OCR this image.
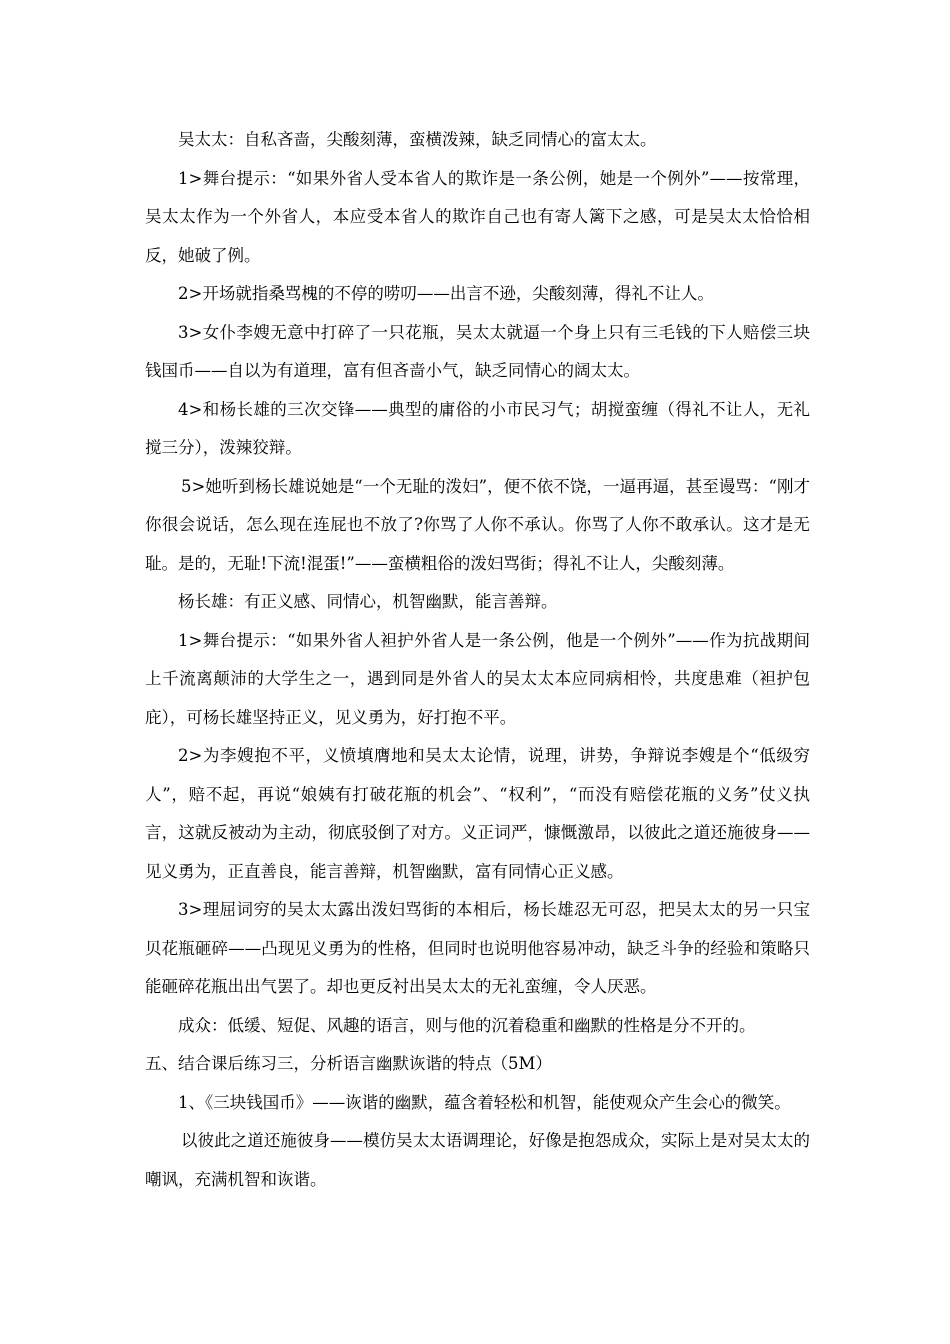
吴太太：自私吝啬，尖酸刻薄，蛮横泼辣，缺乏同情心的富太太。

1>舞台提示：“如果外省人受本省人的欺诈是一条公例，她是一个例外”——按常理，吴太太作为一个外省人，本应受本省人的欺诈自己也有寄人篱下之感，可是吴太太恰恰相反，她破了例。

2>开场就指桑骂槐的不停的唠叨——出言不逊，尖酸刻薄，得礼不让人。

3>女仆李嫂无意中打碎了一只花瓶，吴太太就逼一个身上只有三毛钱的下人赔偿三块钱国币——自以为有道理，富有但吝啬小气，缺乏同情心的阔太太。

4>和杨长雄的三次交锋——典型的庸俗的小市民习气；胡搅蛮缠（得礼不让人，无礼搅三分），泼辣狡辩。

5>她听到杨长雄说她是“一个无耻的泼妇”，便不依不饶，一逼再逼，甚至谩骂：“刚才你很会说话，怎么现在连屁也不放了?你骂了人你不承认。你骂了人你不敢承认。这才是无耻。是的，无耻!下流!混蛋!”——蛮横粗俗的泼妇骂街；得礼不让人，尖酸刻薄。

杨长雄：有正义感、同情心，机智幽默，能言善辩。

1>舞台提示：“如果外省人袒护外省人是一条公例，他是一个例外”——作为抗战期间上千流离颠沛的大学生之一，遇到同是外省人的吴太太本应同病相怜，共度患难（袒护包庇），可杨长雄坚持正义，见义勇为，好打抱不平。

2>为李嫂抱不平，义愤填膺地和吴太太论情，说理，讲势，争辩说李嫂是个“低级穷人”，赔不起，再说“娘姨有打破花瓶的机会”、“权利”，“而没有赔偿花瓶的义务”仗义执言，这就反被动为主动，彻底驳倒了对方。义正词严，慷慨激昂，以彼此之道还施彼身——见义勇为，正直善良，能言善辩，机智幽默，富有同情心正义感。

3>理屈词穷的吴太太露出泼妇骂街的本相后，杨长雄忍无可忍，把吴太太的另一只宝贝花瓶砸碎——凸现见义勇为的性格，但同时也说明他容易冲动，缺乏斗争的经验和策略只能砸碎花瓶出出气罢了。却也更反衬出吴太太的无礼蛮缠，令人厌恶。

成众：低缓、短促、风趣的语言，则与他的沉着稳重和幽默的性格是分不开的。

五、结合课后练习三，分析语言幽默诙谐的特点（5M）

1、《三块钱国币》——诙谐的幽默，蕴含着轻松和机智，能使观众产生会心的微笑。

以彼此之道还施彼身——模仿吴太太语调理论，好像是抱怨成众，实际上是对吴太太的嘲讽，充满机智和诙谐。
